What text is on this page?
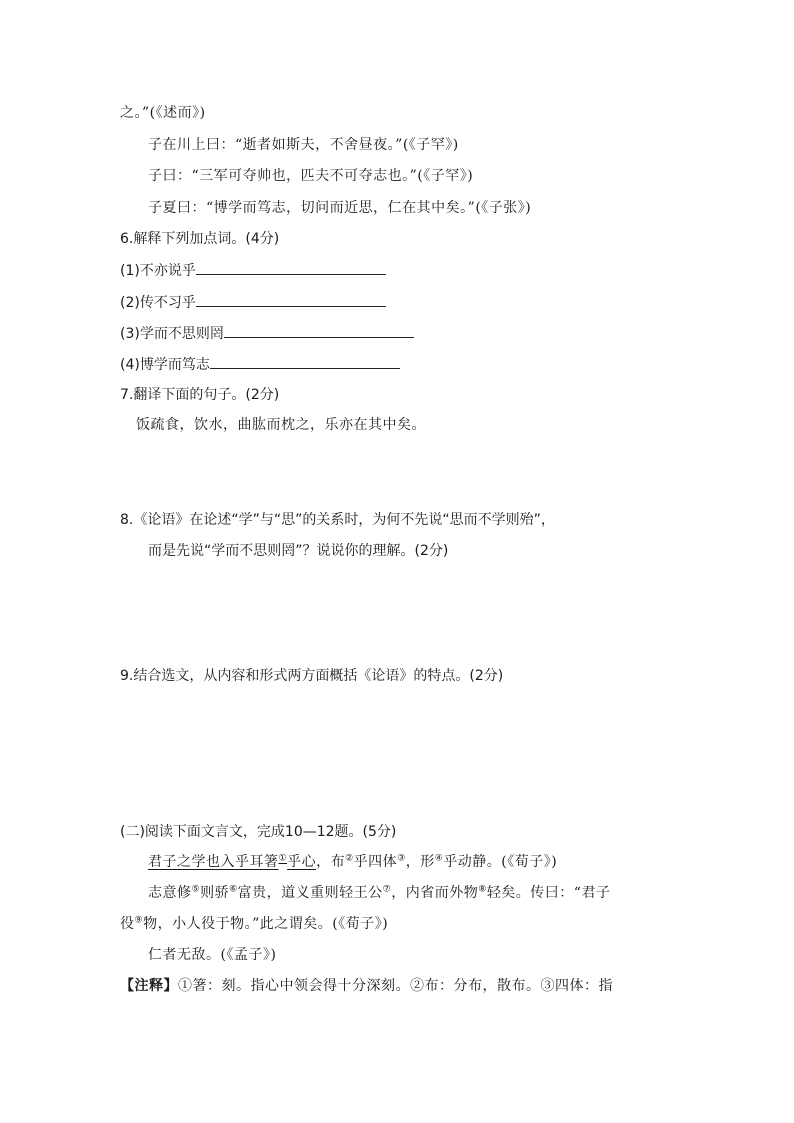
之。”(《述而》)
子在川上曰：“逝者如斯夫，不舍昼夜。”(《子罕》)
子曰：“三军可夺帅也，匹夫不可夺志也。”(《子罕》)
子夏曰：“博学而笃志，切问而近思，仁在其中矣。”(《子张》)
6.解释下列加点词。(4分)
(1)不亦说乎
(2)传不习乎
(3)学而不思则罔
(4)博学而笃志
7.翻译下面的句子。(2分)
饭疏食，饮水，曲肱而枕之，乐亦在其中矣。
8.《论语》在论述“学”与“思”的关系时，为何不先说“思而不学则殆”，
而是先说“学而不思则罔”？说说你的理解。(2分)
9.结合选文，从内容和形式两方面概括《论语》的特点。(2分)
(二)阅读下面文言文，完成10—12题。(5分)
君子之学也入乎耳箸①乎心，布②乎四体③，形④乎动静。(《荀子》)
志意修⑤则骄⑥富贵，道义重则轻王公⑦，内省而外物⑧轻矣。传曰：“君子
役⑨物，小人役于物。”此之谓矣。(《荀子》)
仁者无敌。(《孟子》)
【注释】①箸：刻。指心中领会得十分深刻。②布：分布，散布。③四体：指
